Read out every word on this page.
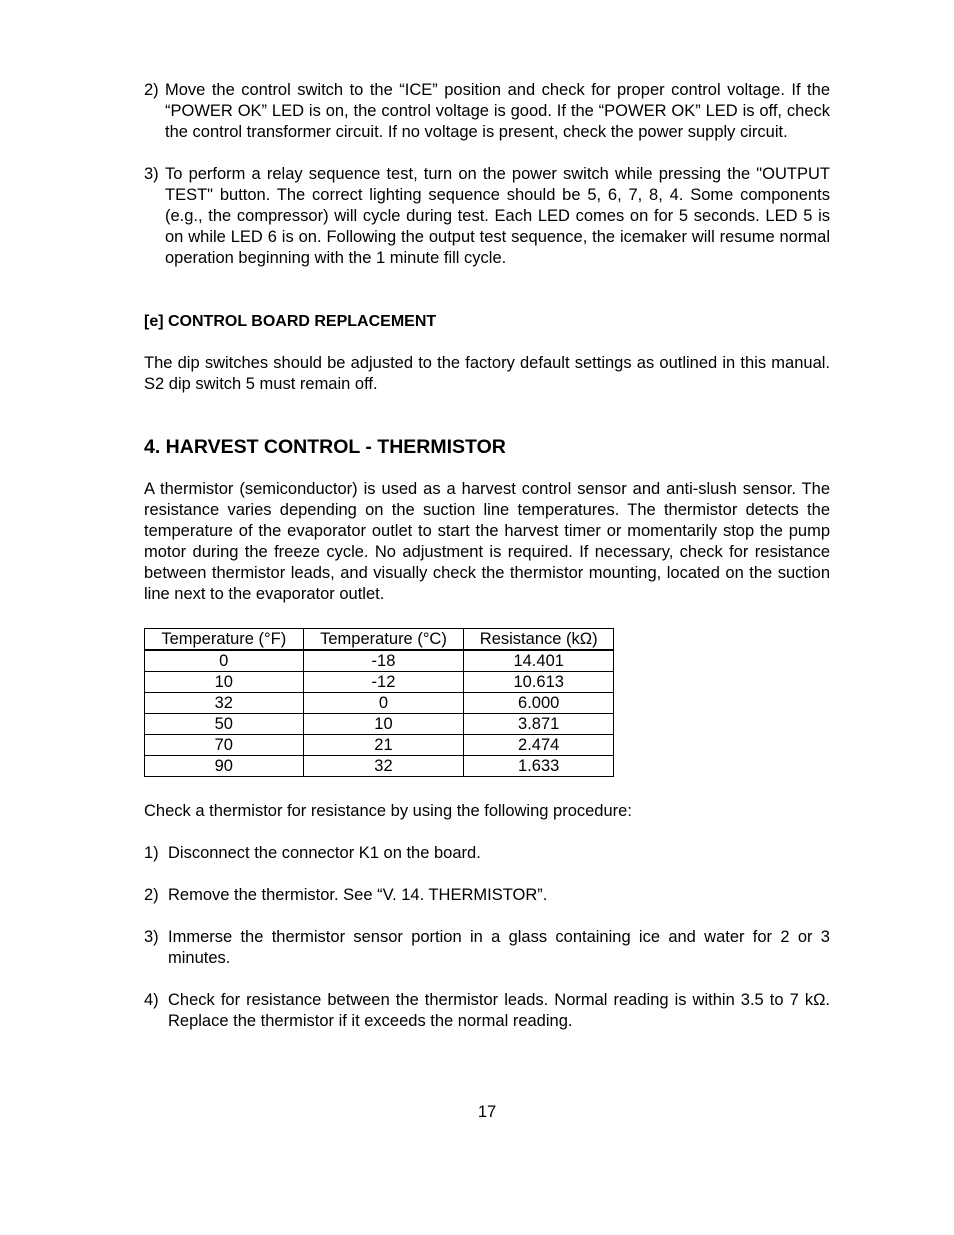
2) Move the control switch to the “ICE” position and check for proper control voltage. If the “POWER OK” LED is on, the control voltage is good. If the “POWER OK” LED is off, check the control transformer circuit. If no voltage is present, check the power supply circuit.
3) To perform a relay sequence test, turn on the power switch while pressing the "OUTPUT TEST" button. The correct lighting sequence should be 5, 6, 7, 8, 4. Some components (e.g., the compressor) will cycle during test. Each LED comes on for 5 seconds. LED 5 is on while LED 6 is on. Following the output test sequence, the icemaker will resume normal operation beginning with the 1 minute fill cycle.

[e] CONTROL BOARD REPLACEMENT

The dip switches should be adjusted to the factory default settings as outlined in this manual. S2 dip switch 5 must remain off.

4. HARVEST CONTROL - THERMISTOR

A thermistor (semiconductor) is used as a harvest control sensor and anti-slush sensor. The resistance varies depending on the suction line temperatures. The thermistor detects the temperature of the evaporator outlet to start the harvest timer or momentarily stop the pump motor during the freeze cycle. No adjustment is required. If necessary, check for resistance between thermistor leads, and visually check the thermistor mounting, located on the suction line next to the evaporator outlet.

Temperature (°F)	Temperature (°C)	Resistance (kΩ)
0	-18	14.401
10	-12	10.613
32	0	6.000
50	10	3.871
70	21	2.474
90	32	1.633

Check a thermistor for resistance by using the following procedure:

1) Disconnect the connector K1 on the board.
2) Remove the thermistor. See “V. 14. THERMISTOR”.
3) Immerse the thermistor sensor portion in a glass containing ice and water for 2 or 3 minutes.
4) Check for resistance between the thermistor leads. Normal reading is within 3.5 to 7 kΩ. Replace the thermistor if it exceeds the normal reading.
17
